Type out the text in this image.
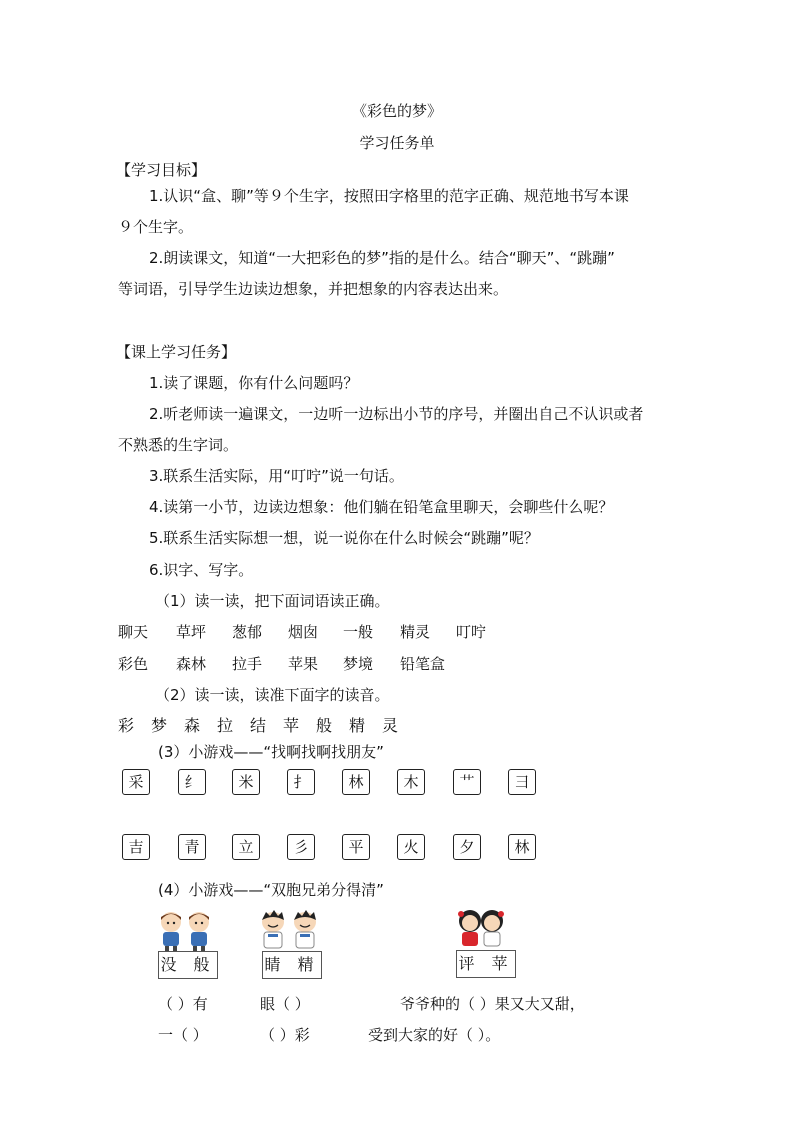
《彩色的梦》
学习任务单
【学习目标】
1.认识“盒、聊”等９个生字，按照田字格里的范字正确、规范地书写本课
９个生字。
2.朗读课文，知道“一大把彩色的梦”指的是什么。结合“聊天”、“跳蹦”
等词语，引导学生边读边想象，并把想象的内容表达出来。
【课上学习任务】
1.读了课题，你有什么问题吗？
2.听老师读一遍课文，一边听一边标出小节的序号，并圈出自己不认识或者
不熟悉的生字词。
3.联系生活实际，用“叮咛”说一句话。
4.读第一小节，边读边想象：他们躺在铅笔盒里聊天，会聊些什么呢？
5.联系生活实际想一想，说一说你在什么时候会“跳蹦”呢？
6.识字、写字。
（1）读一读，把下面词语读正确。
聊天 草坪 葱郁 烟囱 一般 精灵 叮咛
彩色 森林 拉手 苹果 梦境 铅笔盒
（2）读一读，读准下面字的读音。
彩 梦 森 拉 结 苹 般 精 灵
(3）小游戏——“找啊找啊找朋友”
采	纟	米	扌	林	木	艹	彐
吉	青	立	彡	平	火	夕	林
(4）小游戏——“双胞兄弟分得清”
没 般	睛 精	评 苹
（ ）有	眼（ ）	爷爷种的（ ）果又大又甜，
一（ ）	（ ）彩	受到大家的好（ ）。
